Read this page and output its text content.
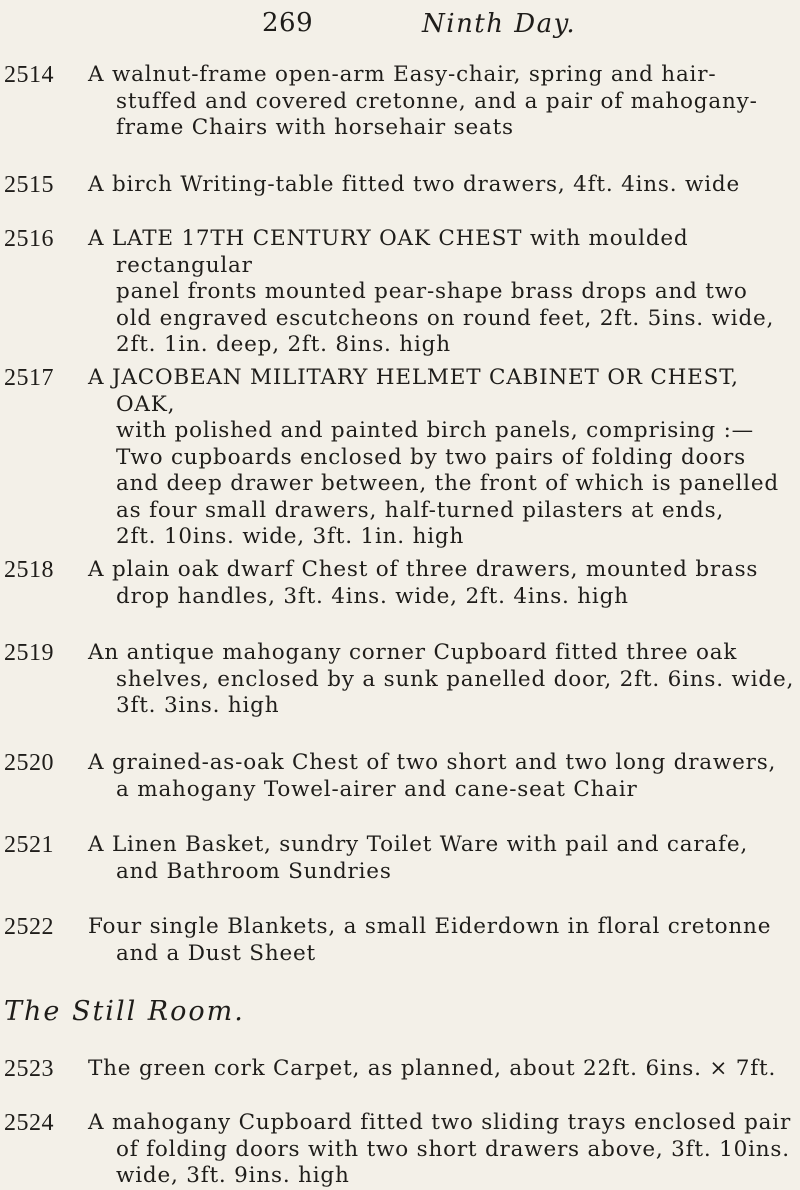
269	Ninth Day.
2514 A walnut-frame open-arm Easy-chair, spring and hair-
stuffed and covered cretonne, and a pair of mahogany-
frame Chairs with horsehair seats
2515 A birch Writing-table fitted two drawers, 4ft. 4ins. wide
2516 A LATE 17TH CENTURY OAK CHEST with moulded rectangular
panel fronts mounted pear-shape brass drops and two
old engraved escutcheons on round feet, 2ft. 5ins. wide,
2ft. 1in. deep, 2ft. 8ins. high
2517 A JACOBEAN MILITARY HELMET CABINET OR CHEST, OAK,
with polished and painted birch panels, comprising :—
Two cupboards enclosed by two pairs of folding doors
and deep drawer between, the front of which is panelled
as four small drawers, half-turned pilasters at ends,
2ft. 10ins. wide, 3ft. 1in. high
2518 A plain oak dwarf Chest of three drawers, mounted brass
drop handles, 3ft. 4ins. wide, 2ft. 4ins. high
2519 An antique mahogany corner Cupboard fitted three oak
shelves, enclosed by a sunk panelled door, 2ft. 6ins. wide,
3ft. 3ins. high
2520 A grained-as-oak Chest of two short and two long drawers,
a mahogany Towel-airer and cane-seat Chair
2521 A Linen Basket, sundry Toilet Ware with pail and carafe,
and Bathroom Sundries
2522 Four single Blankets, a small Eiderdown in floral cretonne
and a Dust Sheet
The Still Room.
2523 The green cork Carpet, as planned, about 22ft. 6ins. × 7ft.
2524 A mahogany Cupboard fitted two sliding trays enclosed pair
of folding doors with two short drawers above, 3ft. 10ins.
wide, 3ft. 9ins. high
